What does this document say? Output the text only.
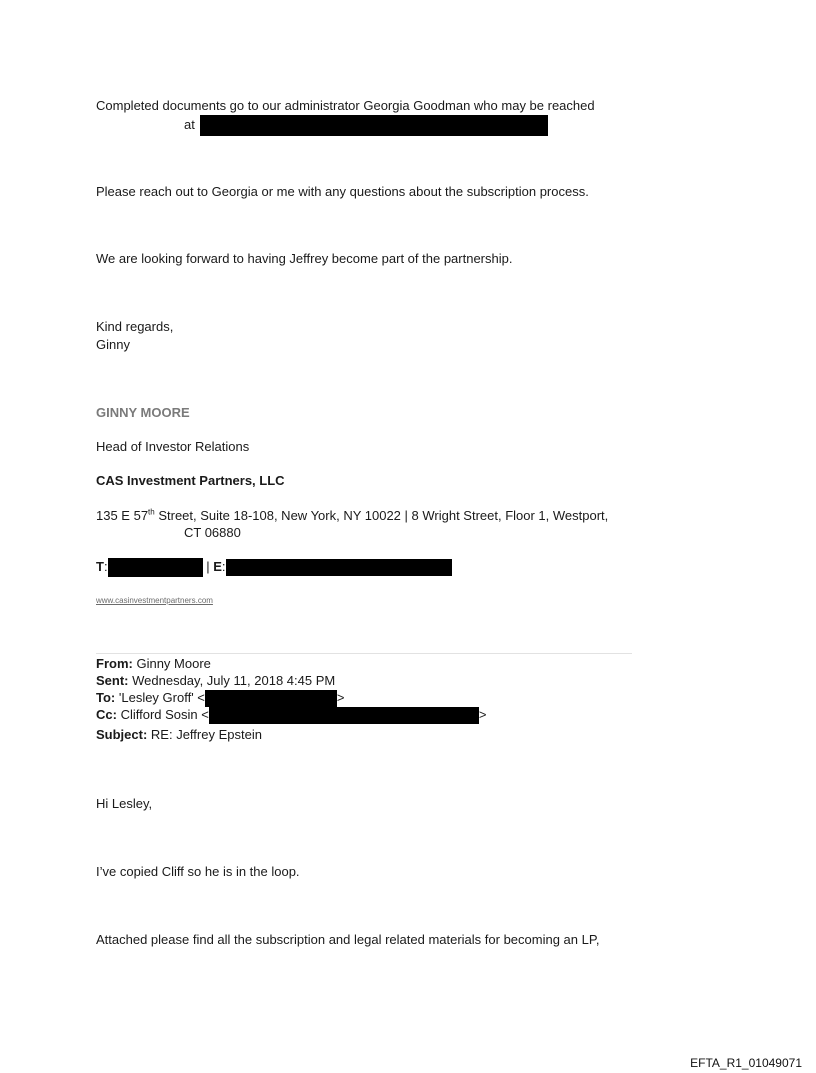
Completed documents go to our administrator Georgia Goodman who may be reached
at
Please reach out to Georgia or me with any questions about the subscription process.
We are looking forward to having Jeffrey become part of the partnership.
Kind regards,
Ginny
GINNY MOORE
Head of Investor Relations
CAS Investment Partners, LLC
135 E 57th Street, Suite 18-108, New York, NY 10022 | 8 Wright Street, Floor 1, Westport,
CT 06880
T:	| E:
www.casinvestmentpartners.com
From: Ginny Moore
Sent: Wednesday, July 11, 2018 4:45 PM
To: 'Lesley Groff' <	>
Cc: Clifford Sosin <	>
Subject: RE: Jeffrey Epstein
Hi Lesley,
I’ve copied Cliff so he is in the loop.
Attached please find all the subscription and legal related materials for becoming an LP,
EFTA_R1_01049071
